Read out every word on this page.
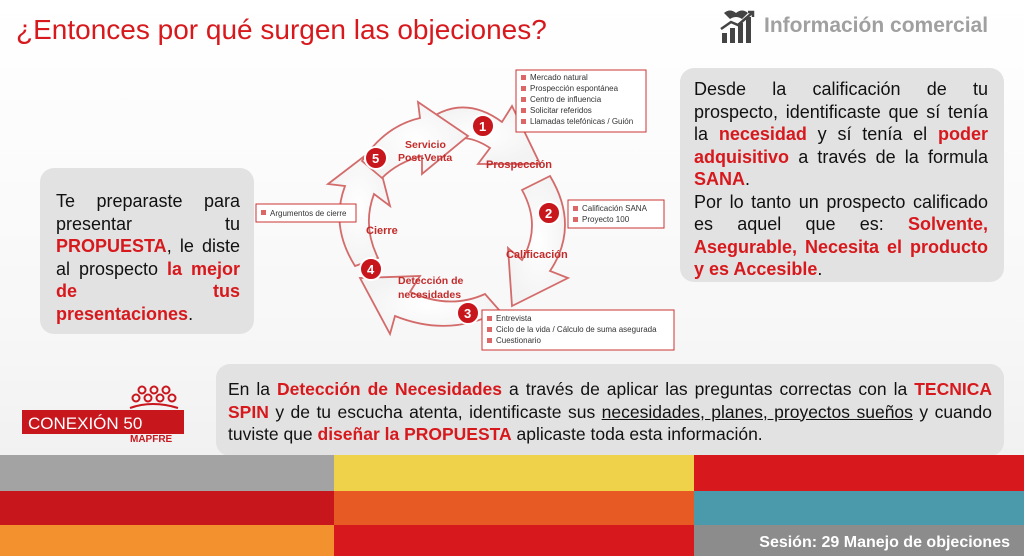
¿Entonces por qué surgen las objeciones?	Información comercial
Te preparaste para presentar tu PROPUESTA, le diste al prospecto la mejor de tus presentaciones.
Desde la calificación de tu prospecto, identificaste que sí tenía la necesidad y sí tenía el poder adquisitivo a través de la formula SANA.
Por lo tanto un prospecto calificado es aquel que es: Solvente, Asegurable, Necesita el producto y es Accesible.
Prospección
Calificación
Detección de
necesidades
Cierre
Servicio
Post-Venta
1
2
3
4
5
Mercado natural
Prospección espontánea
Centro de influencia
Solicitar referidos
Llamadas telefónicas / Guión
Calificación SANA
Proyecto 100
Entrevista
Ciclo de la vida / Cálculo de suma asegurada
Cuestionario
Argumentos de cierre
En la Detección de Necesidades a través de aplicar las preguntas correctas con la TECNICA SPIN y de tu escucha atenta, identificaste sus necesidades, planes, proyectos sueños y cuando tuviste que diseñar la PROPUESTA aplicaste toda esta información.
CONEXIÓN 50
MAPFRE
Sesión: 29 Manejo de objeciones
